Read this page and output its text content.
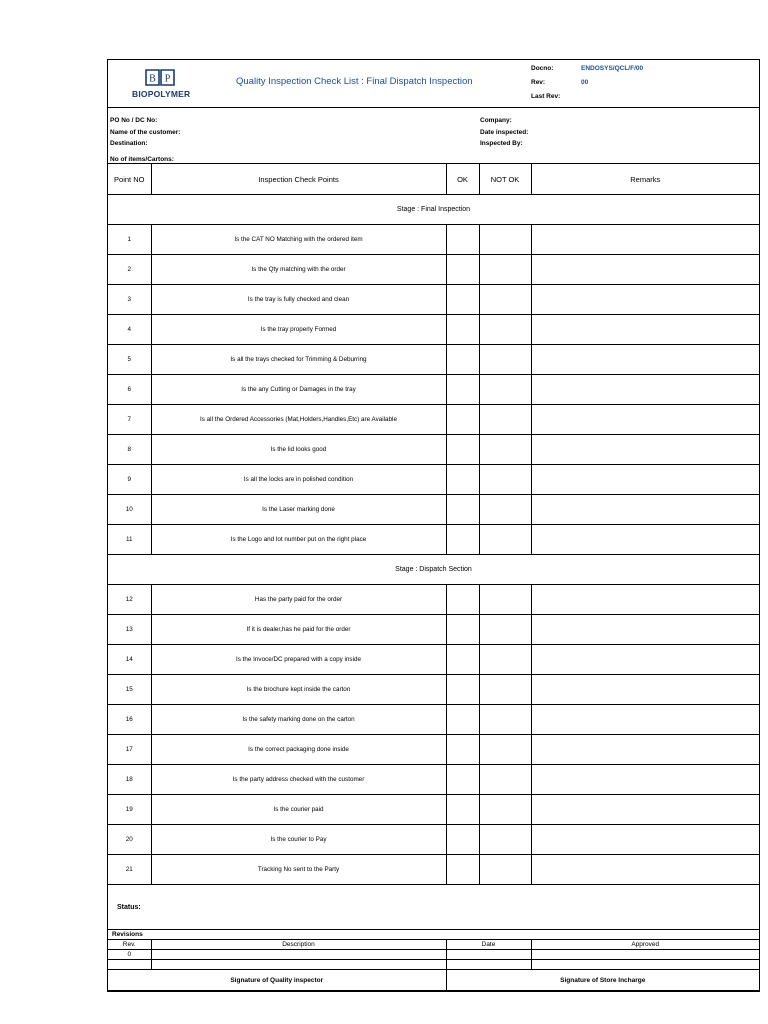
B P
BIOPOLYMER
Quality Inspection Check List : Final Dispatch Inspection
Docno:	ENDOSYS/QCL/F/00
Rev:	00
Last Rev:
PO No / DC No:
Name of the customer:
Destination:
No of items/Cartons:
Company:
Date inspected:
Inspected By:
Point NO	Inspection Check Points	OK	NOT OK	Remarks
Stage : Final Inspection				
1	Is the CAT NO Matching with the ordered item			
2	Is the Qty matching with the order			
3	Is the tray is fully checked and clean			
4	Is the tray properly Formed			
5	Is all the trays checked for Trimming & Deburring			
6	Is the any Cutting or Damages in the tray			
7	Is all the Ordered Accessories (Mat,Holders,Handles,Etc) are Available			
8	Is the lid looks good			
9	Is all the locks are in polished condition			
10	Is the Laser marking done			
11	Is the Logo and lot number put on the right place			
Stage : Dispatch Section				
12	Has the party paid for the order			
13	If it is dealer,has he paid for the order			
14	Is the Invoce/DC prepared with a copy inside			
15	Is the brochure kept inside the carton			
16	Is the safety marking done on the carton			
17	Is the correct packaging done inside			
18	Is the party address checked with the customer			
19	Is the courier paid			
20	Is the courier to Pay			
21	Tracking No sent to the Party			
Status:				
Revisions
Rev.	Description	Date	Approved
0			

Signature of Quality inspector	Signature of Store Incharge
